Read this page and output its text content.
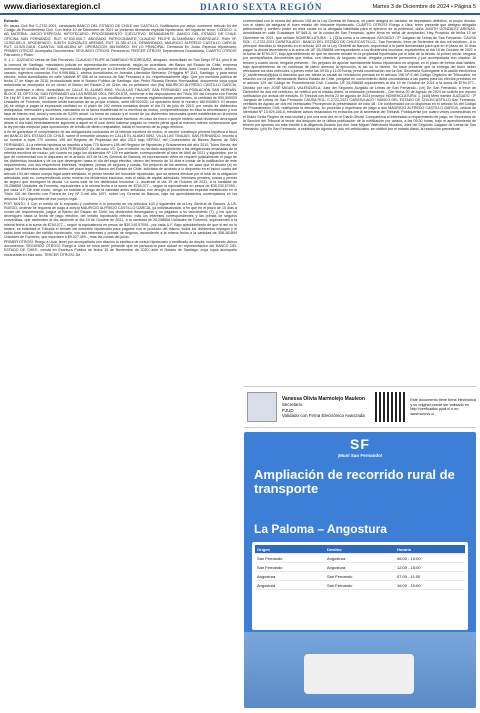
www.diariosextaregion.cl	DIARIO SEXTA REGIÓN	Martes 3 de Diciembre de 2024 • Página 5

Extracto

En causa Civil Rol C-2722-2021, caratulada BANCO DEL ESTADO DE CHILE con CASTILLO, Notificación por aviso, conforme artículo 54 del Código de Procedimiento Civil. Con fecha 10 de Diciembre de 2021 se presentó demanda especial hipotecaria, del siguiente tenor: CODIGO: 4-AB MATERIA: JUICIO ESPECIAL HIPOTECARIO. PROCEDIMIENTO: EJECUTIVO. DEMANDANTE: BANCO DEL ESTADO DE CHILE. OFICINA SAN FERNANDO. RUT: 97.030.000-7. ABOGADO PATROCINANTE: CLAUDIO FELIPE ALTAMIRANO RODRÍGUEZ. RUN Nº: 13.902.651-9. APODERADO: JUDITH GONZÁLEZ ARENAS. RUT 13.780.471-9. DEMANDADO: MAURICIO ALFREDO CASTILLO GARCÍA. RUT: 13.929.246-6. CUANTÍA: 308,461894 UF. OPERACIÓN: 8619405KO. EN LO PRINCIPAL: Demanda En Juicio Especial Hipotecario; PRIMER OTROSÍ: Acompaña Documentos; SEGUNDO OTROSÍ: Personería; TERCER OTROSÍ: Dependencia Domiciliaria; CUARTO OTROSÍ: Patrocinio y Poder.

S. J. L. JUZGADO Letras de San Fernando. CLAUDIO FELIPE ALTAMIRANO RODRÍGUEZ, abogado, domiciliado en San Diego Nº 81, piso 6 de la comuna de Santiago, mandatario judicial en representación convencional, según se acreditará, del Banco del Estado de Chile, empresa autónoma de créditos del Estado, representado legalmente por su Gerente General Ejecutivo, actualmente doña Juan Cooper Álvarez, chileno, casado, ingeniero comercial, Rol 9.096.866-1, ambos domiciliados en Avenida Libertador Bernardo O'Higgins Nº 1111, Santiago, y para estos efectos, todos domiciliados en calle Valdivia Nº 456 de la comuna de San Fernando a Us. respetuosamente digo: Que por escritura pública de fecha 17 de Mayo de 2010, protocolizada ante el Notario Público de Santiago, don Pedro Ricardo Reveco Hormazábal, documento cuya copia autorizada se acompaña en un otrosí, el Banco del Estado 2 de Chile, dio en préstamo don (fla) MAURICIO ALFREDO CASTILLO GARCÍA, ignoro profesión u oficio, domiciliado en CALLE EL ALAMO 8992, VILLA LAS TINAJAS, SAN FERNANDO ó/a POBLACIÓN SAN HERNÁN, BLOCK 33, DPTO 06, SAN FERNANDO ó/a LAS BRISAS 0901, RECOLETA, conforme a las disposiciones del Título XIII del Decreto con Fuerza De Ley Nº 3 del año 1997 sobre Ley General de Bancos, y sus modificaciones y normas reglamentarias pertinentes, la cantidad de 500,000000 Unidades de Fomento, mediante letras bancarias de su propia emisión, serie ME002020. La operación tiene el número: 8619405KO. El deudor (a) se obligó a pagar la expresada cantidad en el plazo de 240 meses contados desde el día 01 de julio de 2010, por medio de dividendos anticipados, mensuales y sucesivos, calculados en la forma establecida en la escritura de mutuo, comprendiéndose en ellos la amortización y una tasa de interés real, anual y vencida de 5,20% anual. La forma de cálculo y el monto de los dividendos mensuales quedó establecida en la misma escritura que se acompaña. De acuerdo a lo estipulado en la mencionada escritura, en caso de mora o simple retardo cada dividendo devengará desde el día hábil inmediatamente siguiente a aquél en el cual debió haberse pagado un interés penal igual al máximo interés convencional que la ley permita estipular para operaciones de crédito de dinero reajustable, hasta el momento de su pago efectivo.

A fin de garantizar el cumplimiento de las obligaciones contraídas en la referida escritura de mutuo, el deudor constituyó primera hipoteca a favor del BANCO DEL ESTADO DE CHILE, sobre el inmueble ubicado en CALLE EL ALAMO 0892, VILLA LAS TINAJAS, SAN FERNANDO, inscrito a su nombre a fojas 770 número 195 del Registro de Propiedad del año 2010 bajo SERVIU, del Conservador de Bienes Raíces de SAN FERNANDO. 3 La referida hipoteca se inscribió a fojas 770 Número 195 del Registro de Hipotecas y Gravámenes del año 2010, Tomo Serviu, del Conservador de Bienes Raíces de SAN FERNANDO. Es del caso VS. Que el deudor no ha dado cumplimiento a las obligaciones emanadas de la referida escritura de mutuo, por cuanto no pagó los dividendos Nº 129 en adelante, correspondiente al mes de Abril de 2021 y siguientes, por lo que de conformidad con lo dispuesto en el artículo 103 de la Ley General de Bancos, mi representado viene en requerir judicialmente el pago de los dividendos insolutos y de los que devenguen hasta el día del pago efectivo, dentro del término de 10 días a contar de la notificación de este requerimiento, con sus respectivos intereses, reajustes, primas de seguros y costas. Sin perjuicio de los anterior, en caso que el deudor (a) no pague los dividendos adeudados dentro del plazo legal, el Banco del Estado de Chile, solicitará de acuerdo a lo dispuesto en el inciso cuarto del artículo 104 del mismo cuerpo legal antes señalado, el primer remate del inmueble hipotecado, que se deberá efectuar por el total de la obligación adeudada, esto es, comprendiendo como mínimo los dividendos insolutos, más el saldo de capital adeudado, intereses penales, costas y primas de seguro que recarguen la deuda. La suma total de los dividendos insolutos -1- asciende al día 19 de Octubre de 2021, a la cantidad de 26,258658 Unidades de Fomento, equivalentes a la misma fecha a la suma de $794.077.-, según la equivalencia en pesos de $30.240,57000.- por cada U.F. De este modo, vengo en solicitar el pago de la cantidad antes señalada, con arreglo al procedimiento especial establecido en el Título XIII del Decreto con Fuerza de Ley Nº 3 del año 1997, sobre Ley General de Bancos, bajo los apercibimientos contemplados en los artículos 103 y siguientes de ese cuerpo legal.

POR TANTO, 4 Con el mérito de lo expuesto y conforme a lo prescrito en los artículos 103 y siguientes de la Ley General de Bancos, A US. RUEGO, ordenar se requiera de pago a don(a) MAURICIO ALFREDO CASTILLO GARCÍA, ya individualizada, a fin que en el plazo de 10 días a contar del requerimiento, pague al Banco del Estado de Chile, los dividendos devengados y no pagados a su vencimiento (7), y los que se devenguen hasta la fecha de pago efectivo, del crédito hipotecario referido, más los intereses correspondientes y las primas de seguros convenidas, que ascienden al día asciende al día 19 de Octubre de 2021, a la cantidad de 26,258658 Unidades de Fomento, equivalentes a la misma fecha a la suma de $794.077.-, según la equivalencia en pesos de $30.240,57000.- por cada U.F. Bajo apercibimiento de que si así no lo hiciere, se solicitará el Tribunal el remate del inmueble hipotecado para pagarse con el producto del mismo, todos los dividendos impagos y el saldo total insoluto del crédito hipotecario, con sus intereses y primas de seguros, ascendente a la misma fecha a la cantidad de 308,461894 Unidades de Fomento, que equivalen a $9.327.459.-, más las costas del juicio.

PRIMER OTROSÍ: Ruego a Usía, tener por acompañado con citación la escritura de mutuo hipotecario y certificado de deuda, custodiando dichos documentos. SEGUNDO OTROSÍ: Ruego a Usía se sirva tener presente que mi personería para actuar en representación del BANCO DEL ESTADO DE CHILE, consta en Escritura Pública de fecha 19 de Noviembre de 2020, ante el Notario de Santiago, cuya copia acompaño escaneada en este acto. TERCER OTROSÍ: De

conformidad con la norma del artículo 108 de la Ley General de Bancos, mi parte designa en carácter de depositario definitivo, al propio deudor, con el objeto de asegurar el buen estado del inmueble hipotecado. CUARTO OTROSÍ: Ruego a Usía, tener presente que designo abogado patrocinante y confiero poder en esta causa en la abogada habilitada para el ejercicio de la profesión, doña JUDITH GONZÁLEZ ARENAS, domiciliada en calle Guadalupe Nº 565-A, de la ciudad de San Fernando, quien firma en señal de aceptación. Hay Proveído de fecha 13 de Diciembre de 2021, que señala: NOMENCLATURA : 1. [1]Da curso a la demanda JUZGADO : 2º Juzgado de Letras de San Fernando. CAUSA ROL : C-2722-2021 CARATULADO : BANCO DEL ESTADO DE CHILE/CASTILLO.- San Fernando, trece de Diciembre de dos mil veintiuno.- A lo principal: atendido lo dispuesto en el artículo 103 de la Ley General de Bancos, requiérase a la parte demandada para que en el plazo de 10 días pague la deuda ascendente a la suma de UF 26,258658 correspondiente a los dividendos insolutos, equivalentes al día 19 de Octubre de 2021 a la suma de $794.077, bajo apercibimiento de que se decrete remate en la propiedad hipotecada por el total de la deuda. Al primer otrosí: téngase por acompañados documentos que indica, con citación. Al segundo otrosí: téngase presente personería y por acompañada con citación. Al tercero y cuarto otrosí: téngase presente.- Sin perjuicio de aportar tramitamente Mutuo Hipotecario en original, en el plazo de treinta días hábiles, bajo apercibimiento de no continuar de pleno derecho la ejecución, si así no lo hiciere. Se hace presente que la entrega del título deber efectuarse los días miércoles o jueves entre las 09:00 y 11:00 horas, previa coordinación con la Sra. Secretaria Subrogante a la casilla electrónica j2_sanfernando@pjud.cl Atendido que me afecta la causal de recusación prevista en el artículo 196 Nº 5 del Código Orgánico de Tribunales, en relación con la parte demandante Banco Estado de Chile, póngase en conocimiento dicha circunstancia a las partes para los efectos previstos en el artículo 125 del Código de Procedimiento Civil. Cuantía: UF 26,258658 equivalentes al día 19 de Octubre de 2021 a la suma de $794.077.- Dictado por don JOSÉ MIGUEL VALENZUELA, Juez del Segundo Juzgado de Letras de San Fernando.- (ch) En San Fernando, a trece de Diciembre de dos mil veintiuno, se notificó por el estado diario, la resolución precedente.- Con fecha 20 de Agosto de 2024 se solicitó por escrito notificación por avisos del extracto. El Tribunal con fecha 22 de Agosto de 2024 proveyó: NOMENCLATURA: 1. [445] Mero trámite JUZGADO : 2º Juzgado de Letras de San Fernando CAUSA ROL: C-2722-2021 CARATULADO : BANCO DEL ESTADO DE CHILE/CASTILLO San Fernando, veintidós de Agosto de dos mil veinticuatro Proveyendo la presentación de folio 48 : De conformidad con lo dispuesto en el artículo 54 del Código de Procedimiento Civil, notifíquese la demanda, su proveído y requiérase de pago a don MAURICIO ALFREDO CASTILLO GARCÍA, cédula de identidad Nº 13.929.246-6, mediante avisos redactados en extractos por la secretaria del Tribunal. Publíquense por cuatro veces consecutivas en el Diario Sexta Región de esta ciudad y por una sola vez en el Diario Oficial. Comparezca el interesado a requerimiento de pago, en Secretaría de la Sección del Tribunal al tercer día después de la última publicación de la notificación por avisos, a las 09:30 horas, bajo el apercibimiento de tenerlo por opuesto sin más trámite a la diligencia Dictado por don José Miguel Valenzuela Morales, Juez del Segundo Juzgado de Letras de San Fernando. (ph) En San Fernando, a veintidós de Agosto de dos mil veinticuatro, se notificó por el estado diario, la resolución precedente.

Vanessa Olivia Marmolejo Mauleon
Secretario
PJUD
Validado con Firma Electrónica Avanzada
Este documento tiene firma electrónica y su original puede ser validado en http://verificadoc.pjud.cl o en www.scsrvs.cl
SF
¡Muni San Fernando!
Ampliación de recorrido rural de transporte
La Paloma – Angostura
Origen	Destino	Horario
San Fernando	Angostura	06:00 - 10:00
San Fernando	Angostura	12:00 - 15:00
Angostura	San Fernando	07:00 - 11:00
Angostura	San Fernando	16:00 - 19:00
